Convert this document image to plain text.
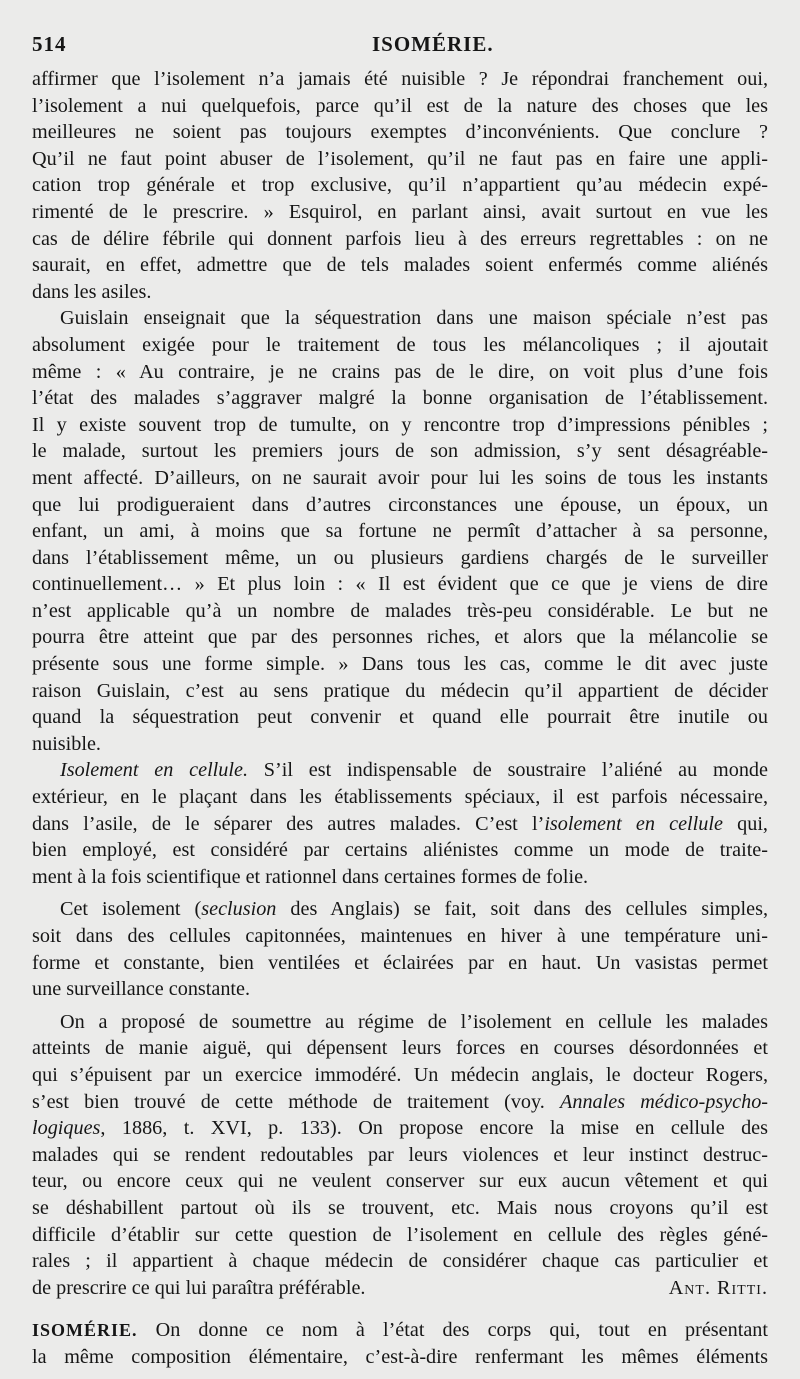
514	ISOMÉRIE.

affirmer que l’isolement n’a jamais été nuisible ? Je répondrai franchement oui,

l’isolement a nui quelquefois, parce qu’il est de la nature des choses que les

meilleures ne soient pas toujours exemptes d’inconvénients. Que conclure ?

Qu’il ne faut point abuser de l’isolement, qu’il ne faut pas en faire une appli-

cation trop générale et trop exclusive, qu’il n’appartient qu’au médecin expé-

rimenté de le prescrire. » Esquirol, en parlant ainsi, avait surtout en vue les

cas de délire fébrile qui donnent parfois lieu à des erreurs regrettables : on ne

saurait, en effet, admettre que de tels malades soient enfermés comme aliénés

dans les asiles.

Guislain enseignait que la séquestration dans une maison spéciale n’est pas

absolument exigée pour le traitement de tous les mélancoliques ; il ajoutait

même : « Au contraire, je ne crains pas de le dire, on voit plus d’une fois

l’état des malades s’aggraver malgré la bonne organisation de l’établissement.

Il y existe souvent trop de tumulte, on y rencontre trop d’impressions pénibles ;

le malade, surtout les premiers jours de son admission, s’y sent désagréable-

ment affecté. D’ailleurs, on ne saurait avoir pour lui les soins de tous les instants

que lui prodigueraient dans d’autres circonstances une épouse, un époux, un

enfant, un ami, à moins que sa fortune ne permît d’attacher à sa personne,

dans l’établissement même, un ou plusieurs gardiens chargés de le surveiller

continuellement… » Et plus loin : « Il est évident que ce que je viens de dire

n’est applicable qu’à un nombre de malades très-peu considérable. Le but ne

pourra être atteint que par des personnes riches, et alors que la mélancolie se

présente sous une forme simple. » Dans tous les cas, comme le dit avec juste

raison Guislain, c’est au sens pratique du médecin qu’il appartient de décider

quand la séquestration peut convenir et quand elle pourrait être inutile ou

nuisible.

Isolement en cellule. S’il est indispensable de soustraire l’aliéné au monde

extérieur, en le plaçant dans les établissements spéciaux, il est parfois nécessaire,

dans l’asile, de le séparer des autres malades. C’est l’isolement en cellule qui,

bien employé, est considéré par certains aliénistes comme un mode de traite-

ment à la fois scientifique et rationnel dans certaines formes de folie.

Cet isolement (seclusion des Anglais) se fait, soit dans des cellules simples,

soit dans des cellules capitonnées, maintenues en hiver à une température uni-

forme et constante, bien ventilées et éclairées par en haut. Un vasistas permet

une surveillance constante.

On a proposé de soumettre au régime de l’isolement en cellule les malades

atteints de manie aiguë, qui dépensent leurs forces en courses désordonnées et

qui s’épuisent par un exercice immodéré. Un médecin anglais, le docteur Rogers,

s’est bien trouvé de cette méthode de traitement (voy. Annales médico-psycho-

logiques, 1886, t. XVI, p. 133). On propose encore la mise en cellule des

malades qui se rendent redoutables par leurs violences et leur instinct destruc-

teur, ou encore ceux qui ne veulent conserver sur eux aucun vêtement et qui

se déshabillent partout où ils se trouvent, etc. Mais nous croyons qu’il est

difficile d’établir sur cette question de l’isolement en cellule des règles géné-

rales ; il appartient à chaque médecin de considérer chaque cas particulier et

de prescrire ce qui lui paraîtra préférable.	Ant. Ritti.

ISOMÉRIE. On donne ce nom à l’état des corps qui, tout en présentant

la même composition élémentaire, c’est-à-dire renfermant les mêmes éléments
